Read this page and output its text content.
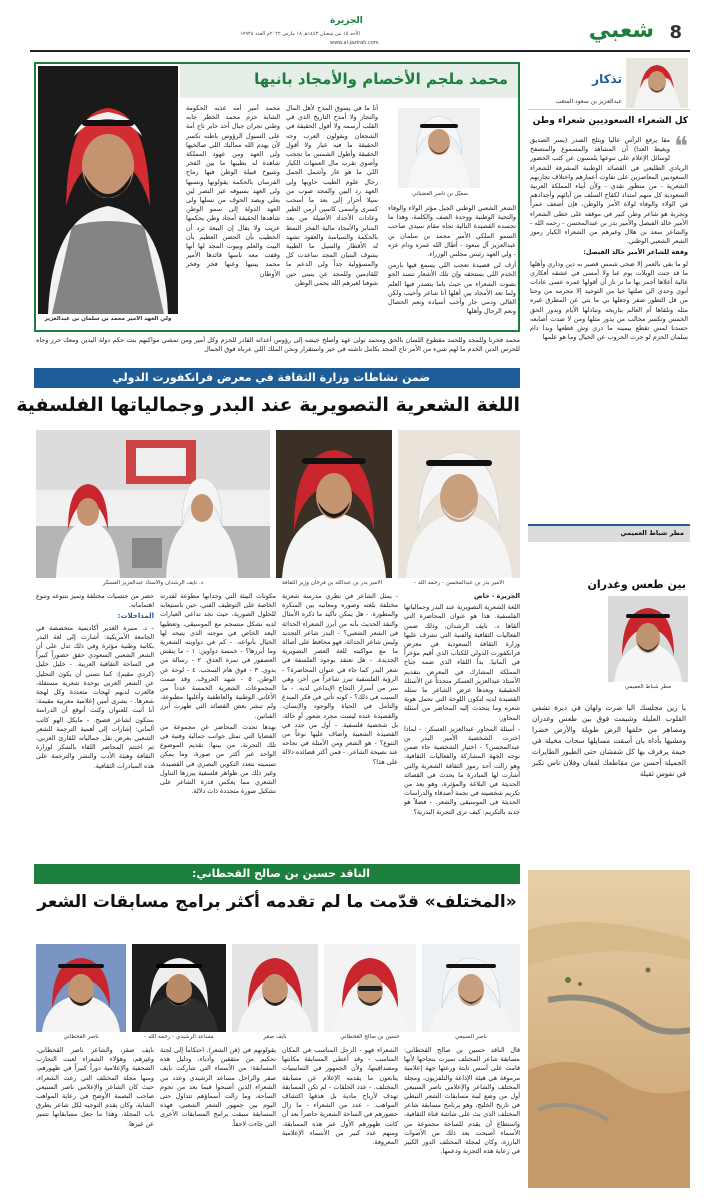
8
شعبي
الجزيرة
الأحد ١٥ من شعبان ١٤٤٣هـ ١٨ مارس ٢٠٢٢م العدد ١٧٩٢٨
www.al-jazirah.com
تذكار
عبدالعزيز بن سعود المتعب
كل الشعراء السعوديين شعراء وطن
❝

مقا يرفع الرأس عاليا ويثلج الصدر (يسر الصديق ويغيظ العدا) أن المشاهد والمسموع والمتصفح لوسائل الإعلام على تنوعها يلمسون عن كثب الحضور الريادي الطليعي في القصائد الوطنية المشرفة للشعراء السعوديين المعاصرين على تفاوت أعمارهم واختلاف تجاربهم الشعرية - من منظور نقدي - ولأن أبناء المملكة العربية السعودية كل منهم امتداد لكفاح السلف من آبائهم وأجدادهم في الولاء والوفاء لولاة الأمر والوطن، فإن أضعف عمراً وتجربة هو شاعر وطن كبير في موقفه على خطى الشعراء الأمير خالد الفيصل والأمير بدر بن عبدالمحسن - رحمه الله - والشاعر سعد بن هلال وغيرهم من الشعراء الكبار رموز الشعر الشعبي الوطني.

وقفة للشاعر الأمير خالد الفيصل:

لو ما بقى بالعمر إلا ضحى شمس قصير به دين وداري وأهلها ما قد جنت الويلات يوم عنا ولا أمسى في عشقه أفكاري عالية أعلاها أجمر بها ما تر نار أن أقولها عمره عسى عادات أبوي وجدي الي صلتها حيا من التوحيد إلا محرمه من وحنا من قل التطور صقر وجعلها بي ما يثي عن المطرق غيره مثله ونلقاها أم العالم بتاريخه وتبادلها الأيام وبدور الحق الخمس وتكسر مخالب من يدور مثلها ومن لا صدت أصابعه حسدنا لمس تقطع بيمينه ما دري وش قطعها وبدا دام سلمان الحزم لو جرت الحروب عن الخيال وما هو علمها

محمد ملجم الأخصام والأمجاد بانيها
ولي العهد الأمير محمد بن سلمان بن عبدالعزيز
سعيّل بن ناصر العضياني
أنا ما في يسوق المدح لأهل المال والتجار ولا أمدح التاريخ الذي في القلب أرسمه ولا أقول الحقيقة في الشجعان ويقولون العرب وجه الحقيقة ما فيه غبار ولا أقول الحقيقة وأطول الشمس ما تحجب وأصوي تقرب مال العمهات الكبار اللي ما هو عار وأشمل الجمل رجال علوم الطيب حاويها ولى العهد رد البين والمجد صوب من سيلا أحرار إلى بعد ما أسحب كسرى وأسمى كاسين أرمن الطير وعادات الأجداد الأصيلة من بعد المنابر والأمجاد مالية الفخر النمط بالحكمة والسياسة والعقود تشهد له الأقطار والسيل ما الطيبة يشوف البنيان المجد ساعدت كل والمسؤولية جداً ولى الدعم ما للقادمين وللمجد عن ينبني حين شوفنا لغيرهم الله يحمي الوطن
محمد أمير أمه غذيه الحكومة الشابة حزم محمد الخطر جابه وطني نجران جبال أحد حاير تاج أمة على السيول الرؤوس باطنه تكسر لأن يهدم الله مماليك اللي صالحيها ولى العهد ومن عهود المملكة شاهدة له بطيبها ما بين الفخر وشيوخ قبيلة الوطن فيها رماح الفرسان بالحكمة يقولونها ونسبها ولى العهد بسيوفه غير النصر لين يعلي ويصد الخوف من نسلها ولى العهد الدولة إلى سمو الوطن شاهدها الحقيقة أمجاد وطن يحكمها عريب ولا يقال إن البيعة ترد أن الخطيب بأن الحصن العظيم بأن البيت والعلم وبيوت المجد لها أنها وقفت معه ناسها قائدها الأمير محمد يبنيها وعنها فخر وفخر الأوطان

الشعر الشعبي الوطني الجيل مؤثر الولاء والوفاء والتحية الوطنية ووحدة الصف والكلمة، وهذا ما تجسده القصيدة التالية تجاه مقام سيدي صاحب السمو الملكي الأمير محمد بن سلمان بن عبدالعزيز آل سعود - أطال الله عمره ودام عزه - ولي العهد رئيس مجلس الوزراء.

أزف لي قصيدة تعجب اللي يسمع فيها بازمن الخدم اللي بستحقه وإن تلك الأشعار تنسد الجو بصوت الشعراء من حيث ياما يتصدر فيها العلم ولما تعد الأمجاد بين أهلها أنا شاعر وأخيب ولكن الغالي ودمي جار وأحب أسياده ونعم الخصال ونعم الرجال وأهلها

محمد فخرنا وللمجد وللحمد مقطوع اللسان بالحق ومحمد تولى عهد وأصلح جيشه إلى رؤوس أعدائه القادر للحزم وكل أمير ومن تمشي مواكبهم بنت حكم دولة اليدين ومعك حرز وجاه للحرس الدين الخدم ما لهم شيء من الأمر تاج المجد بكامل ناشته في خير واستقرار ونحن الملك اللي عرباه فوق الجمال
ضمن نشاطات وزارة الثقافة في معرض فرانكفورت الدولي
اللغة الشعرية التصويرية عند البدر وجمالياتها الفلسفية
الأمير بدر بن عبدالمحسن - رحمه الله -
الأمير بدر بن عبدالله بن فرحان وزير الثقافة
د. نايف الرشدان والأستاذ عبدالعزيز العسكر

الجزيرة - خاص

اللغة الشعرية التصويرية عند البدر وجمالياتها الفلسفية. هذا هو عنوان المحاضرة التي ألقاها د. نايف الرشدان، وذلك ضمن الفعاليات الثقافية والفنية التي تشرف عليها وزارة الثقافة السعودية في معرض فرانكفورت الدولي للكتاب الذي أقيم مؤخراً في ألمانيا. بدأ اللقاء الذي ضمه جناح المملكة المشارك في المعرض بتقديم الأستاذ عبدالعزيز العسكر متحدثاً عن الأسئلة الحقيقية وبعدها عرض الشاعر ما تمثله القصيدة لديه لتكون اللوحة التي تحمل هوية شعره وما يتحدث إليه المحاضر من أسئلة المحاور:

- أسئلة المحاور عبدالعزيز العسكر: - لماذا اخترت الشخصية الأمير البدر بن عبدالمحسن؟ - اختيار الشخصية جاء ضمن نوجه الجهة المشاركة والفعاليات الثقافية، وهو زالت أحد رموز الثقافة الشعرية والتي أشارت لها المبادرة ما يحدث في القصائد الحديثة في البلاغة والمؤثرة، وهو يعد من تكريم شخصيته في نجمة أصدقاء والدراسات الحديثة في الموسيقى والشعر. - فضلاً هو جديد بالتكريم: كيف ترى التجربة البدرية؟

- يمثل الشاعر في نظري مدرسة شعرية مختلفة بلغته وصوره ومعانيه بين المنكرة والمطورة. - هل يمكن تأكيد ما ذكره الأمثال والنقد الحديث بأنه من أبرز الشعراء الحداثة في الشعر الشعبي؟ - البدر شاعر التجديد وليس شاعر الحداثة، فهو محافظ على أصالة ما مع مواكبته للغة العصر التصويرية الجديدة. - هل تعتقد بوجود الفلسفة في شعر البدر كما جاء في عنوان المحاضرة؟ - الرؤية الفلسفية تبرز شاعراً من أخر، وهي سر من أسرار النجاح الإبداعي لديه. - ما السبب في ذلك؟ - كونه تأتي في فكر المبدع والتأمل في الحياة والوجود والإنسان، والقصيدة عنده ليست مجرد شعور أو حالة، بل شخصية فلسفية. - أول من جدد في القصيدة الشعبية وأضاف عليها نوعاً من التنوع؟ - هو الشعر ومن الأمثلة في نجاحه عند نصيحة الشاعر. - فمن أكثر قصائده دلالة على هذا؟

مكونات البيئة التي وجدانها مطوعة لقدرته الخاصة على التوظيف الفني، حين باستيعابه للحلول الصورية، حيث نجد تداعي العبارات لديه بشكل منسجم مع الموسيقى، وتعطيها البعد الخاص في موجته الذي يتيحه لها الخيال بأنواعه. - كم في دواوينه الشعرية وما أبرزها؟ - خمسة دواوين: ١ - ما ينقش العصفور في تمرة العذق. ٢ - رسالة من بدوي. ٣ - فوق هام السحب. ٤ - لوحة عن الوطن. ٥ - شهد الحروف. وقد ضمت المجموعات الشعرية الخمسة عدداً من الأغاني الوطنية والعاطفية وأغلبها مطبوعة، ولم تنشر بعض القصائد التي ظهرت أبرز الفنانين.

بهدها تحدث المحاضر عن مجموعة من القضايا التي تمثل جوانب جمالية وفنية في تلك التجربة، من بينها: تقديم الموضوع الواحد عبر أكثر من صورة، وما يمكن تسميته بتعدد التكوين البصري في القصيدة، وغير ذلك من ظواهر فلسفية يبرزها التناول الشعري مما يعكس قدرة الشاعر على تشكيل صورة متجددة ذات دلالة.

حضر من جنسيات مختلفة وتميز بتنوعه وتنوع اهتماماته.

المداخلات:

- د. منيرة الغدير أكاديمية متخصصة في الجامعة الأمريكية: أشارت إلى لغة البدر بكاتبة وطنية مؤثرة وفي ذلك تدل على أن الشعر الشعبي السعودي حقق حضوراً كبيراً في الساحة الثقافية العربية. - خليل خليل (كردي مقيم): كما نتمنى أن يكون التحليل عن الشعر العربي بوحدة شعرية مستقلة، فالعرب لديهم لهجات متعددة وكل لهجة شعرها. - بشرى أمين إعلامية مغربية مقيمة: أنا أثبت للعنوان وكنت أتوقع أن الدراسة ستكون لشاعر فصيح. - مايكل الهو كاتب ألماني: إشارات إلى أهمية الترجمة للشعر الشعبي بغرض نقل جمالياته للقارئ الغربي. ثم اختتم المحاضر اللقاء بالشكر لوزارة الثقافة وهيئة الأدب والنشر والترجمة على هذه المبادرات الثقافية.

مطر شباط العميمي
بين طعس وغدران
مطر شباط العميمي
يا زين مجلسك اليا صرت ولهان في ديرة تشفي القلوب العليلة وشيمت فوق بين طعس وغدران ومصاهر من خلفها الرض طويلة والأرض خضرا ومشيها بأداه بان أسقت مسايلها سحاب مخيلة في خيمة يرفرف بها كل شفشان حتى الطيور الطايرات الجميلة أحسن من مقاطعك لقفان وفلان ناس تكبر في نفوس ثقيلة
الناقد حسين بن صالح القحطاني:
«المختلف» قدّمت ما لم تقدمه أكثر برامج مسابقات الشعر
ناصر السبيعي
حسين بن صالح القحطاني
نايف صقر
مساعد الرشيدي - رحمه الله -
ناصر القحطاني
قال الناقد حسين بن صالح القحطاني: مسابقة شاعر المختلف تميزت بنجاحها لأنها قامت على أسس ثابتة ورعتها جهة إعلامية مرموقة هي هيئة الإذاعة والتلفزيون، ومجلة المختلف والشاعر والإعلامي ناصر السبيعي أول من وضع لبنة مسابقات الشعر النبطي في تاريخ الخليج، وهو برنامج مسابقة شاعر المختلف الذي بث على شاشة قناة الثقافية، واستطاع أن يقدم للساحة مجموعة من الأسماء أصبحت بعد ذلك من الأصوات البارزة، وكان لمجلة المختلف الدور الكبير في رعاية هذه التجربة ودعمها.
الشعراء فهو - الرجل المناسب في المكان المناسب - وقد أعطى المسابقة مكانتها ومصداقيتها، ولأن الجمهور في الثمانينيات يتابعون ما يقدمه الإعلام عن مسابقة المختلف. - عدد الحلقات - لم تكن المسابقة تهدف لأرباح مادية بل هدفها اكتشاف المواهب. - عدد من الشعراء - ما زال حضورهم في الساحة الشعرية حاضراً بعد أن كانت ظهورهم الأول عبر هذه المسابقة، ومنهم عدد كبير من الأسماء الإعلامية المعروفة.
يقولونهم في (فن الشعر). احتكاماً إلى لجنة تحكيم من مثقفين وأدباء، ودليل هذه المسابقة: من الأسماء التي شاركت نايف صقر والراحل مساعد الرشيدي وعدد من الشعراء الذين أصبحوا فيما بعد من نجوم الساحة، وما زالت أسماؤهم تتداول حتى اليوم بين جمهور الشعر الشعبي، فهذه المسابقة سبقت برامج المسابقات الأخرى التي جاءت لاحقاً.
نايف صقر، والشاعر ناصر القحطاني، وغيرهم، وهؤلاء الشعراء لعبت التجارب الصحفية والإعلامية دوراً كبيراً في ظهورهم، ومنها مجلة المختلف التي رعت الشعراء، حيث كان الشاعر والإعلامي ناصر السبيعي صاحب البصمة الأوضح في رعاية المواهب الشابة، وكان يقدم التوجيه لكل شاعر يطرق باب المجلة، وهذا ما جعل مسابقاتها تتميز عن غيرها.
